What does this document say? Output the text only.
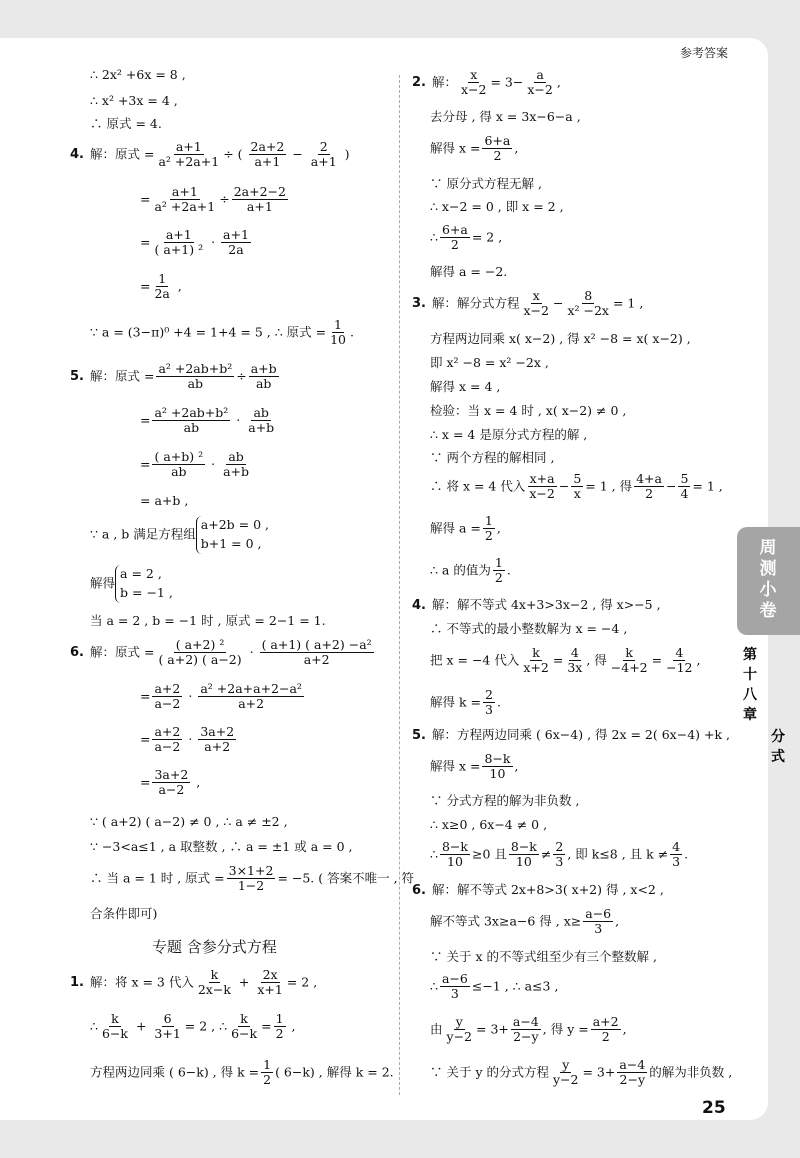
参考答案
周测小卷
第十八章
分式
∴ 2x² +6x = 8 ,
∴ x² +3x = 4 ,
∴ 原式 = 4.
4. 解：原式 = $\frac{a+1}{\text{a² +2a+1}}$ ÷ ( $\frac{2a+2}{a+1} - \frac{2}{a+1}$ )
= $\frac{a+1}{\text{a² +2a+1}} \div \frac{2a+2-2}{a+1}$
= $\frac{a+1}{\text{( a+1) ²}} \cdot \frac{a+1}{2a}$
= $\frac{1}{2a}$ ,
∵ a = (3−π)⁰ +4 = 1+4 = 5 , ∴ 原式 = $\frac{1}{10}$ .
5. 解：原式 = $\frac{\text{a² +2ab+b²}}{ab} \div \frac{a+b}{ab}$
= $\frac{\text{a² +2ab+b²}}{ab} \cdot \frac{ab}{a+b}$
= $\frac{\text{( a+b) ²}}{ab} \cdot \frac{ab}{a+b}$
= a+b ,
∵ a , b 满足方程组
a+2b = 0 ,
b+1 = 0 ,
解得
a = 2 ,
b = −1 ,
当 a = 2 , b = −1 时 , 原式 = 2−1 = 1.
6. 解：原式 = $\frac{\text{( a+2) ²}}{( a+2) ( a-2)} \cdot \frac{\text{( a+1) ( a+2) −a²}}{a+2}$
= $\frac{a+2}{a-2} \cdot \frac{\text{a² +2a+a+2−a²}}{a+2}$
= $\frac{a+2}{a-2} \cdot \frac{3a+2}{a+2}$
= $\frac{3a+2}{a-2}$ ,
∵ ( a+2) ( a−2) ≠ 0 , ∴ a ≠ ±2 ,
∵ −3<a≤1 , a 取整数 , ∴ a = ±1 或 a = 0 ,
∴ 当 a = 1 时 , 原式 = $\frac{3\times 1+2}{1-2} = -5$. ( 答案不唯一 , 符
合条件即可)
专题 含参分式方程
1. 解：将 x = 3 代入 $\frac{k}{2x-k} + \frac{2x}{x+1} = 2$ ,
∴ $\frac{k}{6-k} + \frac{6}{3+1} = 2$ , ∴ $\frac{k}{6-k} = \frac{1}{2}$ ,
方程两边同乘 ( 6−k) , 得 $k = \frac{1}{2}$ ( 6−k) , 解得 k = 2.
2. 解： $\frac{x}{x-2} = 3- \frac{a}{x-2}$ ,
去分母 , 得 x = 3x−6−a ,
解得 $x = \frac{6+a}{2}$ ,
∵ 原分式方程无解 ,
∴ x−2 = 0 , 即 x = 2 ,
∴ $\frac{6+a}{2} = 2$ ,
解得 a = −2.
3. 解：解分式方程 $\frac{x}{x-2} - \frac{8}{\text{x² −2x}} = 1$ ,
方程两边同乘 x( x−2) , 得 x² −8 = x( x−2) ,
即 x² −8 = x² −2x ,
解得 x = 4 ,
检验：当 x = 4 时 , x( x−2) ≠ 0 ,
∴ x = 4 是原分式方程的解 ,
∵ 两个方程的解相同 ,
∴ 将 x = 4 代入 $\frac{x+a}{x-2} - \frac{5}{x} = 1$ , 得 $\frac{4+a}{2} - \frac{5}{4} = 1$ ,
解得 $a = \frac{1}{2}$ ,
∴ a 的值为 $\frac{1}{2}$ .
4. 解：解不等式 4x+3>3x−2 , 得 x>−5 ,
∴ 不等式的最小整数解为 x = −4 ,
把 x = −4 代入 $\frac{k}{x+2} = \frac{4}{3x}$ , 得 $\frac{k}{-4+2} = \frac{4}{-12}$ ,
解得 $k = \frac{2}{3}$ .
5. 解：方程两边同乘 ( 6x−4) , 得 2x = 2( 6x−4) +k ,
解得 $x = \frac{8-k}{10}$ ,
∵ 分式方程的解为非负数 ,
∴ x≥0 , 6x−4 ≠ 0 ,
∴ $\frac{8-k}{10} \ge 0$ 且 $\frac{8-k}{10} \ne \frac{2}{3}$ , 即 k≤8 , 且 $k \ne \frac{4}{3}$ .
6. 解：解不等式 2x+8>3( x+2) 得 , x<2 ,
解不等式 3x≥a−6 得 , $x\ge \frac{a-6}{3}$ ,
∵ 关于 x 的不等式组至少有三个整数解 ,
∴ $\frac{a-6}{3} \le-1$ , ∴ a≤3 ,
由 $\frac{y}{y-2} = 3+ \frac{a-4}{2-y}$ , 得 $y = \frac{a+2}{2}$ ,
∵ 关于 y 的分式方程 $\frac{y}{y-2} = 3+ \frac{a-4}{2-y}$ 的解为非负数 ,
25
